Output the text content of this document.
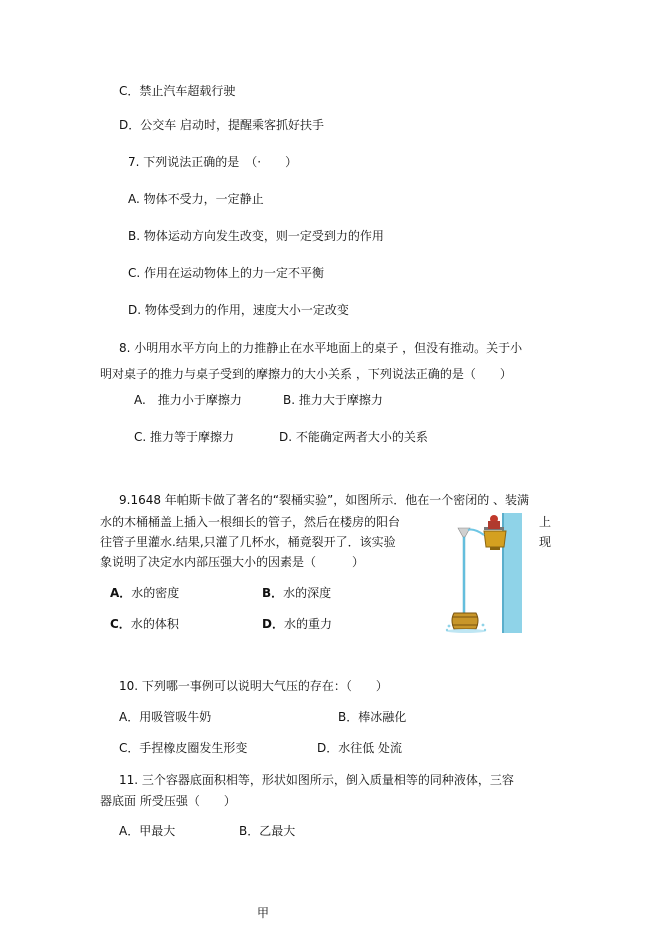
C．禁止汽车超载行驶
D．公交车 启动时，提醒乘客抓好扶手
7. 下列说法正确的是　（·　　）
A. 物体不受力，一定静止
B. 物体运动方向发生改变，则一定受到力的作用
C. 作用在运动物体上的力一定不平衡
D. 物体受到力的作用，速度大小一定改变
8. 小明用水平方向上的力推静止在水平地面上的桌子 ，但没有推动。关于小
明对桌子的推力与桌子受到的摩擦力的大小关系 ，下列说法正确的是（　　）
A.　推力小于摩擦力	B. 推力大于摩擦力
C. 推力等于摩擦力	D. 不能确定两者大小的关系
9.1648 年帕斯卡做了著名的“裂桶实验”，如图所示．他在一个密闭的 、装满
水的木桶桶盖上插入一根细长的管子，然后在楼房的阳台	上
往管子里灌水.结果,只灌了几杯水，桶竟裂开了．该实验	现
象说明了决定水内部压强大小的因素是（　　　）
A．水的密度	B．水的深度
C．水的体积	D．水的重力
10. 下列哪一事例可以说明大气压的存在：（　　）
A．用吸管吸牛奶	B．棒冰融化
C．手捏橡皮圈发生形变	D．水往低 处流
11. 三个容器底面积相等，形状如图所示，倒入质量相等的同种液体，三容
器底面 所受压强（　　）
A．甲最大	B．乙最大
甲
